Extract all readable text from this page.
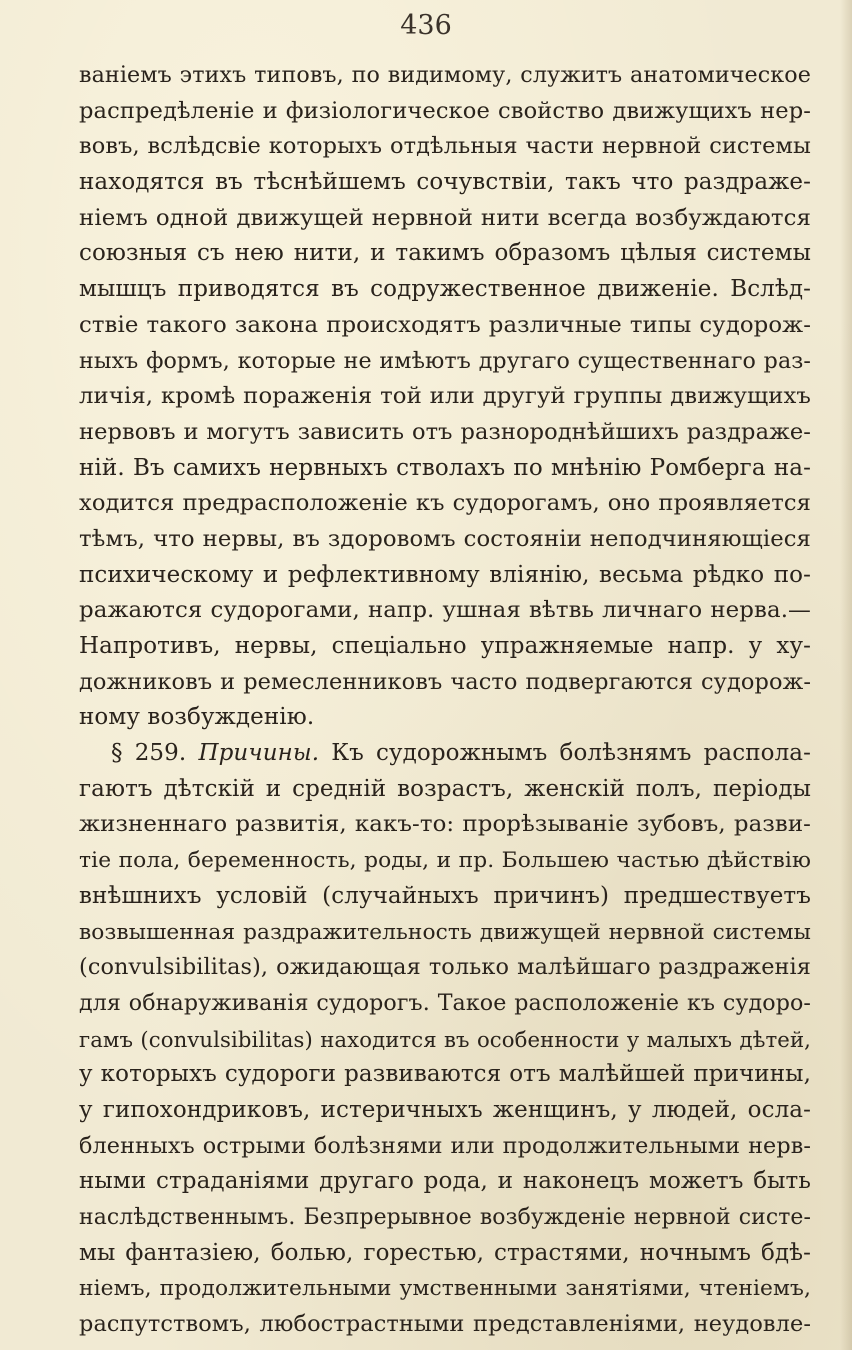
436
ванiемъ этихъ типовъ, по видимому, служитъ анатомическое
распредѣленiе и физiологическое свойство движущихъ нер-
вовъ, вслѣдсвiе которыхъ отдѣльныя части нервной системы
находятся въ тѣснѣйшемъ сочувствiи, такъ что раздраже-
нiемъ одной движущей нервной нити всегда возбуждаются
союзныя съ нею нити, и такимъ образомъ цѣлыя системы
мышцъ приводятся въ содружественное движенiе. Вслѣд-
ствiе такого закона происходятъ различные типы судорож-
ныхъ формъ, которые не имѣютъ другаго существеннаго раз-
личiя, кромѣ пораженiя той или другуй группы движущихъ
нервовъ и могутъ зависить отъ разнороднѣйшихъ раздраже-
нiй. Въ самихъ нервныхъ стволахъ по мнѣнiю Ромберга на-
ходится предрасположенiе къ судорогамъ, оно проявляется
тѣмъ, что нервы, въ здоровомъ состоянiи неподчиняющiеся
психическому и рефлективному влiянiю, весьма рѣдко по-
ражаются судорогами, напр. ушная вѣтвь личнаго нерва.—
Напротивъ, нервы, спецiально упражняемые напр. у ху-
дожниковъ и ремесленниковъ часто подвергаются судорож-
ному возбужденiю.
§ 259. Причины. Къ судорожнымъ болѣзнямъ распола-
гаютъ дѣтскiй и среднiй возрастъ, женскiй полъ, перiоды
жизненнаго развитiя, какъ-то: прорѣзыванiе зубовъ, разви-
тiе пола, беременность, роды, и пр. Большею частью дѣйствiю
внѣшнихъ условiй (случайныхъ причинъ) предшествуетъ
возвышенная раздражительность движущей нервной системы
(convulsibilitas), ожидающая только малѣйшаго раздраженiя
для обнаруживанiя судорогъ. Такое расположенiе къ судоро-
гамъ (convulsibilitas) находится въ особенности у малыхъ дѣтей,
у которыхъ судороги развиваются отъ малѣйшей причины,
у гипохондриковъ, истеричныхъ женщинъ, у людей, осла-
бленныхъ острыми болѣзнями или продолжительными нерв-
ными страданiями другаго рода, и наконецъ можетъ быть
наслѣдственнымъ. Безпрерывное возбужденiе нервной систе-
мы фантазiею, болью, горестью, страстями, ночнымъ бдѣ-
нiемъ, продолжительными умственными занятiями, чтенiемъ,
распутствомъ, любострастными представленiями, неудовле-
